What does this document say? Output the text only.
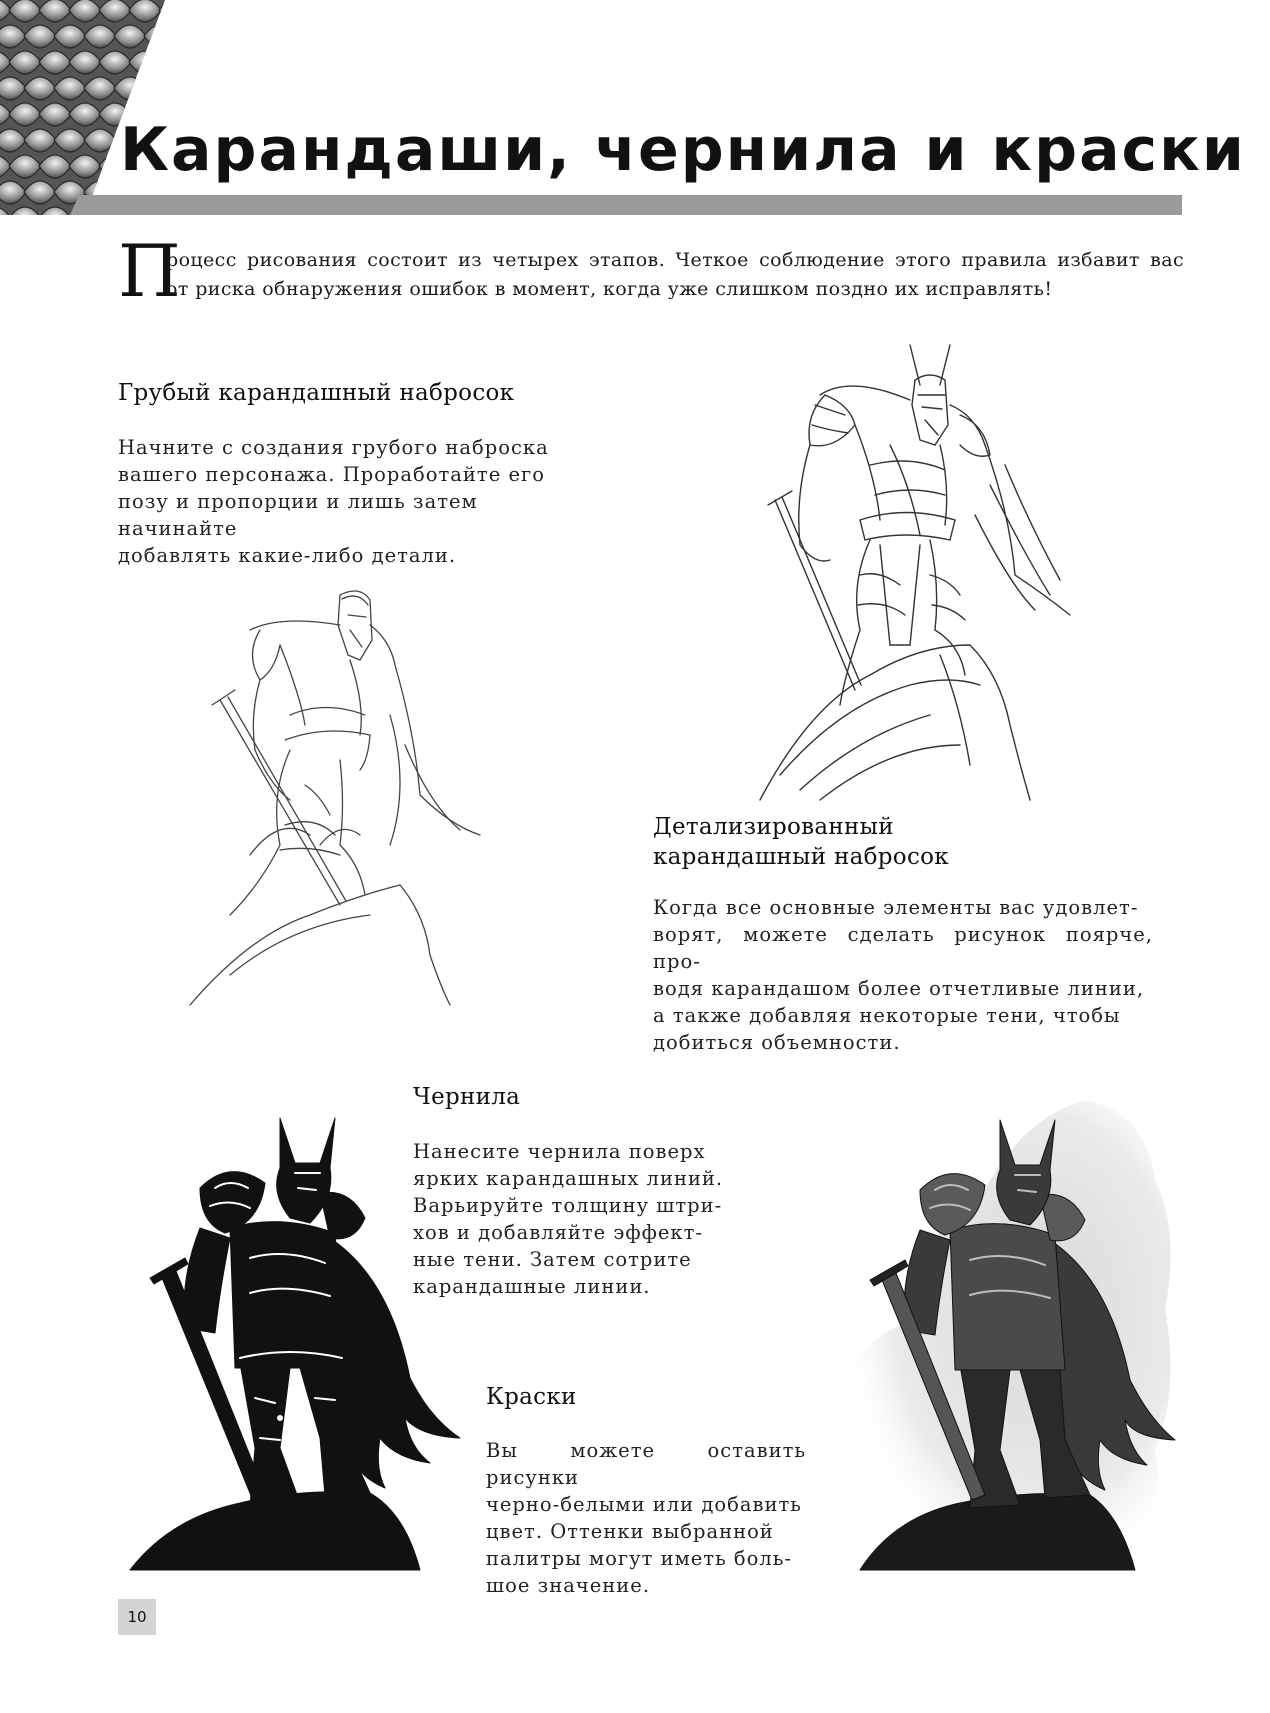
Карандаши, чернила и краски
П

роцесс рисования состоит из четырех этапов. Четкое соблюдение этого правила избавит вас

от риска обнаружения ошибок в момент, когда уже слишком поздно их исправлять!

Грубый карандашный набросок
Начните с создания грубого наброска
вашего персонажа. Проработайте его
позу и пропорции и лишь затем начинайте
добавлять какие-либо детали.
Детализированный
карандашный набросок
Когда все основные элементы вас удовлет-
ворят, можете сделать рисунок поярче, про-
водя карандашом более отчетливые линии,
а также добавляя некоторые тени, чтобы
добиться объемности.
Чернила
Нанесите чернила поверх
ярких карандашных линий.
Варьируйте толщину штри-
хов и добавляйте эффект-
ные тени. Затем сотрите
карандашные линии.
Краски
Вы можете оставить рисунки
черно-белыми или добавить
цвет. Оттенки выбранной
палитры могут иметь боль-
шое значение.
10
